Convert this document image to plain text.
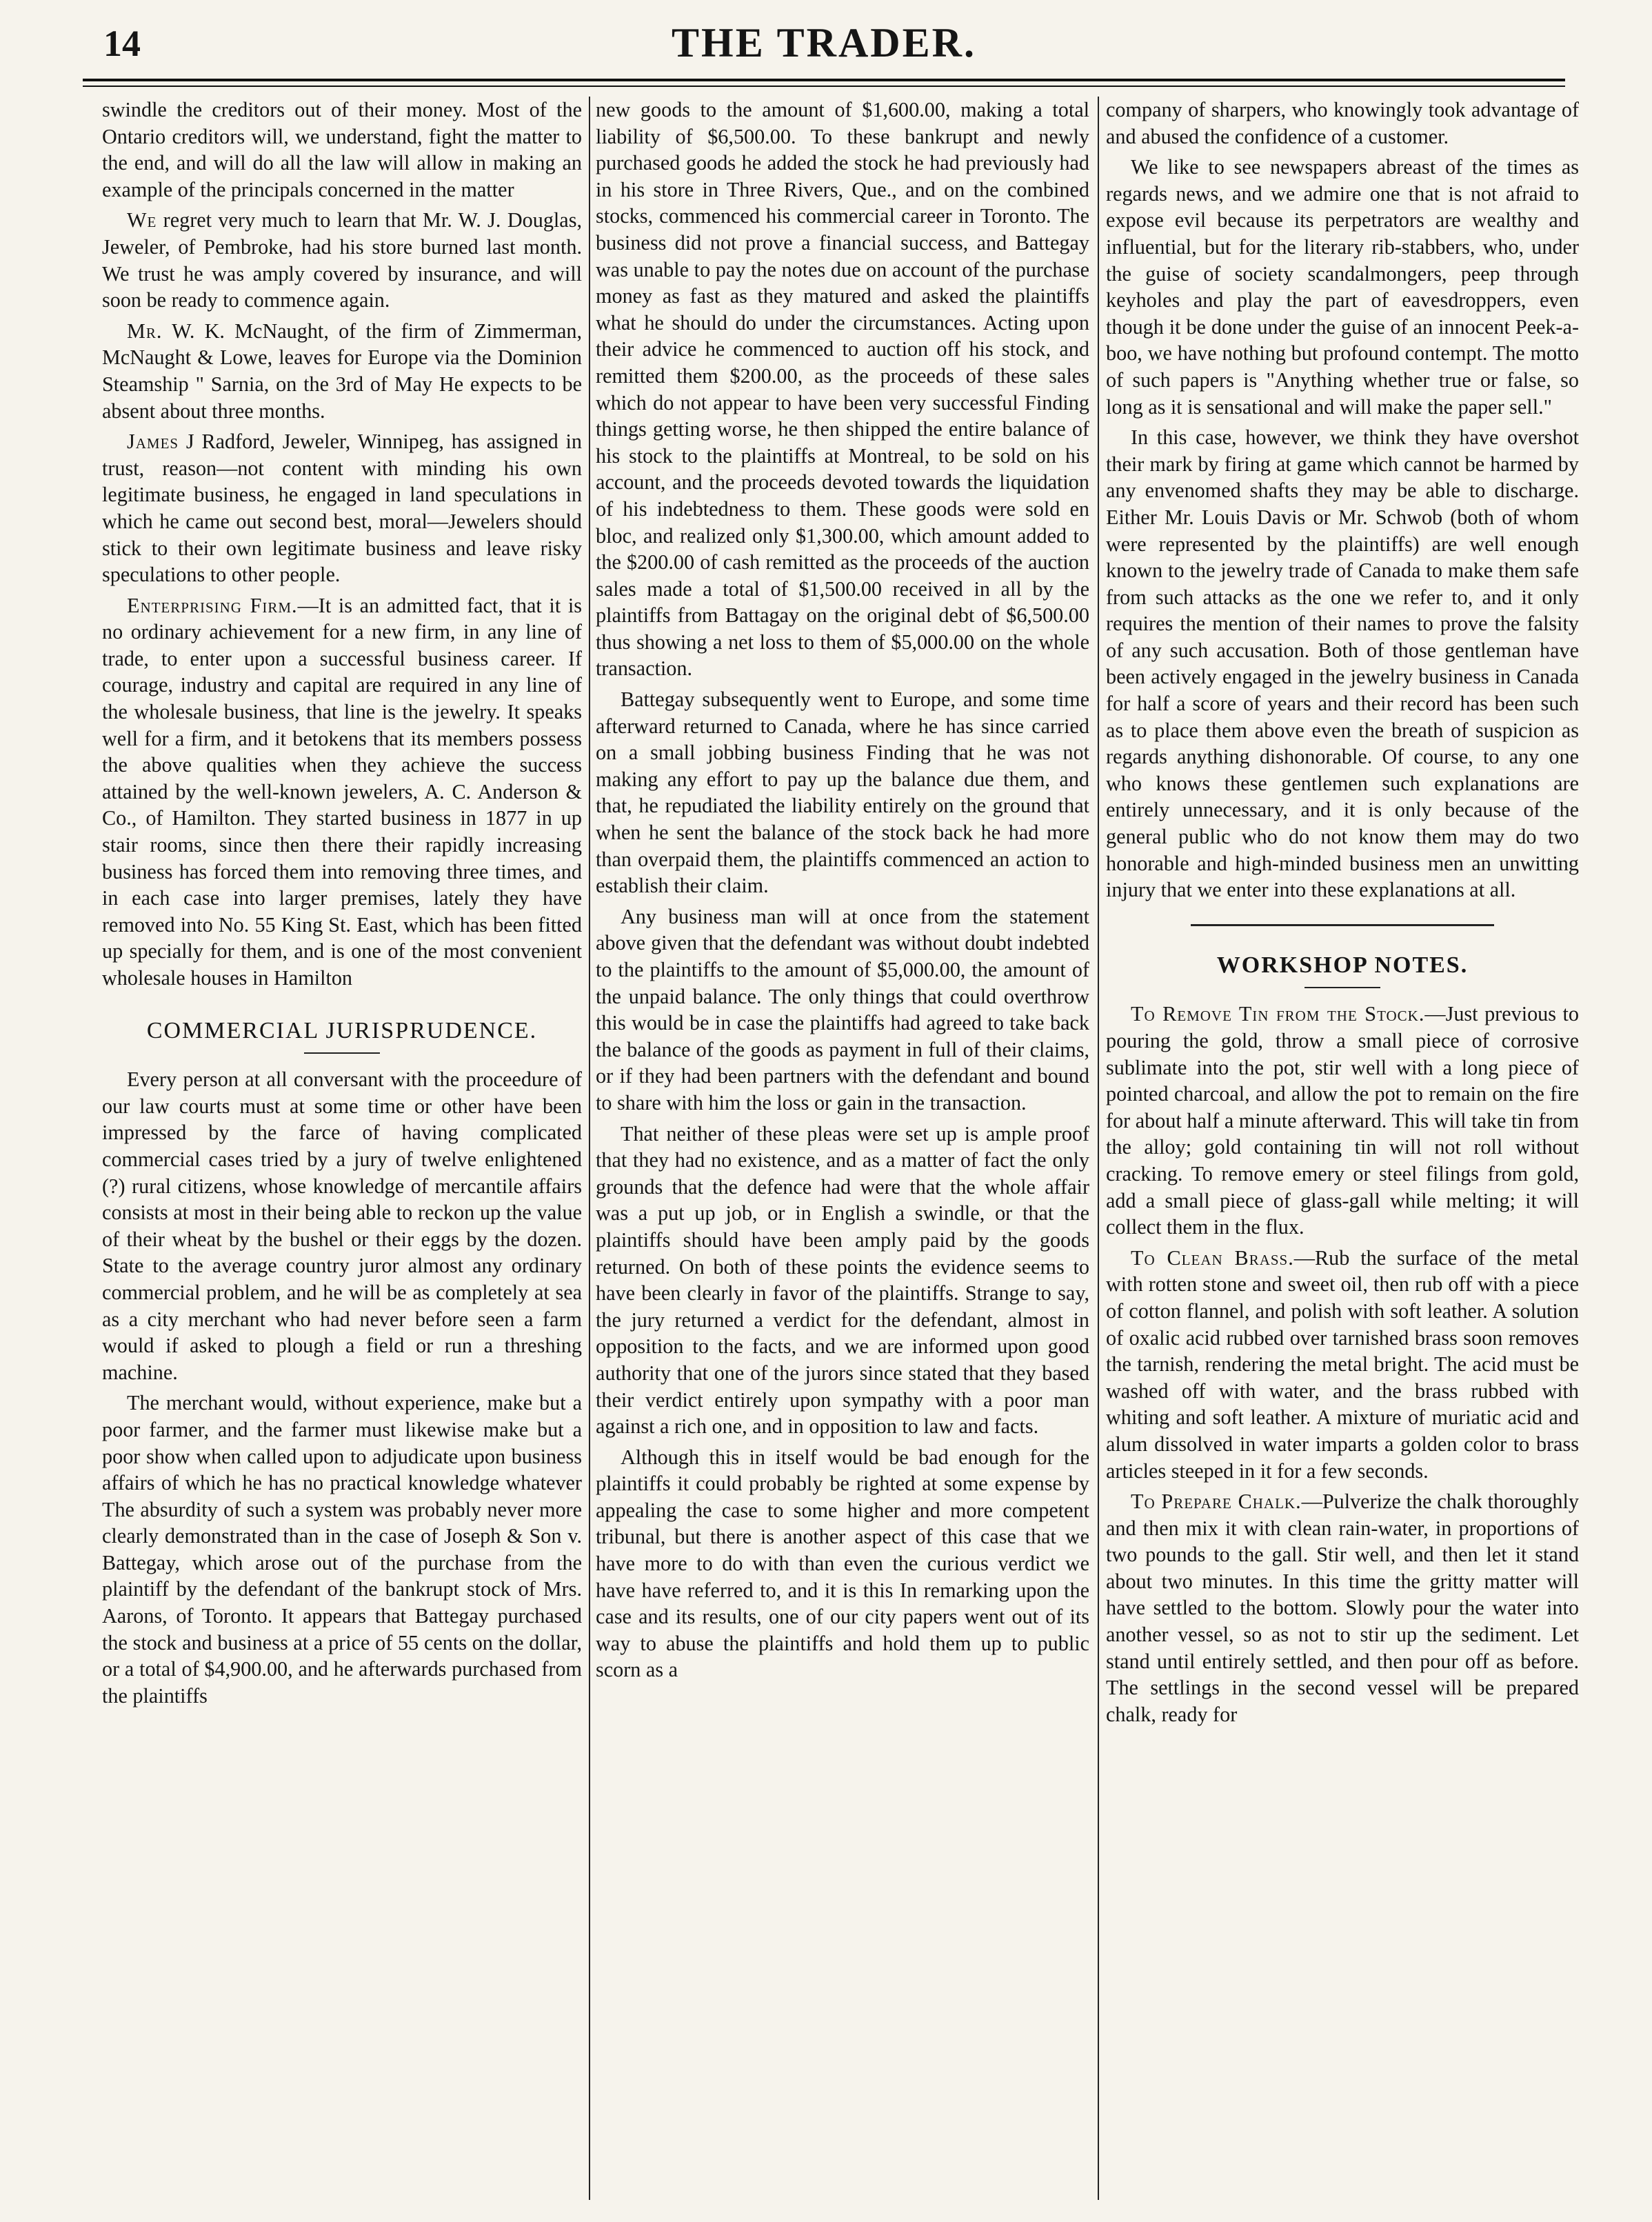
14	THE TRADER.

swindle the creditors out of their money. Most of the Ontario creditors will, we understand, fight the matter to the end, and will do all the law will allow in making an example of the principals concerned in the matter

We regret very much to learn that Mr. W. J. Douglas, Jeweler, of Pembroke, had his store burned last month. We trust he was amply covered by insurance, and will soon be ready to commence again.

Mr. W. K. McNaught, of the firm of Zimmerman, McNaught & Lowe, leaves for Europe via the Dominion Steamship " Sarnia, on the 3rd of May He expects to be absent about three months.

James J Radford, Jeweler, Winnipeg, has assigned in trust, reason—not content with minding his own legitimate business, he engaged in land speculations in which he came out second best, moral—Jewelers should stick to their own legitimate business and leave risky speculations to other people.

Enterprising Firm.—It is an admitted fact, that it is no ordinary achievement for a new firm, in any line of trade, to enter upon a successful business career. If courage, industry and capital are required in any line of the wholesale business, that line is the jewelry. It speaks well for a firm, and it betokens that its members possess the above qualities when they achieve the success attained by the well-known jewelers, A. C. Anderson & Co., of Hamilton. They started business in 1877 in up stair rooms, since then there their rapidly increasing business has forced them into removing three times, and in each case into larger premises, lately they have removed into No. 55 King St. East, which has been fitted up specially for them, and is one of the most convenient wholesale houses in Hamilton

COMMERCIAL JURISPRUDENCE.

Every person at all conversant with the proceedure of our law courts must at some time or other have been impressed by the farce of having complicated commercial cases tried by a jury of twelve enlightened (?) rural citizens, whose knowledge of mercantile affairs consists at most in their being able to reckon up the value of their wheat by the bushel or their eggs by the dozen. State to the average country juror almost any ordinary commercial problem, and he will be as completely at sea as a city merchant who had never before seen a farm would if asked to plough a field or run a threshing machine.

The merchant would, without experience, make but a poor farmer, and the farmer must likewise make but a poor show when called upon to adjudicate upon business affairs of which he has no practical knowledge whatever The absurdity of such a system was probably never more clearly demonstrated than in the case of Joseph & Son v. Battegay, which arose out of the purchase from the plaintiff by the defendant of the bankrupt stock of Mrs. Aarons, of Toronto. It appears that Battegay purchased the stock and business at a price of 55 cents on the dollar, or a total of $4,900.00, and he afterwards purchased from the plaintiffs

new goods to the amount of $1,600.00, making a total liability of $6,500.00. To these bankrupt and newly purchased goods he added the stock he had previously had in his store in Three Rivers, Que., and on the combined stocks, commenced his commercial career in Toronto. The business did not prove a financial success, and Battegay was unable to pay the notes due on account of the purchase money as fast as they matured and asked the plaintiffs what he should do under the circumstances. Acting upon their advice he commenced to auction off his stock, and remitted them $200.00, as the proceeds of these sales which do not appear to have been very successful Finding things getting worse, he then shipped the entire balance of his stock to the plaintiffs at Montreal, to be sold on his account, and the proceeds devoted towards the liquidation of his indebtedness to them. These goods were sold en bloc, and realized only $1,300.00, which amount added to the $200.00 of cash remitted as the proceeds of the auction sales made a total of $1,500.00 received in all by the plaintiffs from Battagay on the original debt of $6,500.00 thus showing a net loss to them of $5,000.00 on the whole transaction.

Battegay subsequently went to Europe, and some time afterward returned to Canada, where he has since carried on a small jobbing business Finding that he was not making any effort to pay up the balance due them, and that, he repudiated the liability entirely on the ground that when he sent the balance of the stock back he had more than overpaid them, the plaintiffs commenced an action to establish their claim.

Any business man will at once from the statement above given that the defendant was without doubt indebted to the plaintiffs to the amount of $5,000.00, the amount of the unpaid balance. The only things that could overthrow this would be in case the plaintiffs had agreed to take back the balance of the goods as payment in full of their claims, or if they had been partners with the defendant and bound to share with him the loss or gain in the transaction.

That neither of these pleas were set up is ample proof that they had no existence, and as a matter of fact the only grounds that the defence had were that the whole affair was a put up job, or in English a swindle, or that the plaintiffs should have been amply paid by the goods returned. On both of these points the evidence seems to have been clearly in favor of the plaintiffs. Strange to say, the jury returned a verdict for the defendant, almost in opposition to the facts, and we are informed upon good authority that one of the jurors since stated that they based their verdict entirely upon sympathy with a poor man against a rich one, and in opposition to law and facts.

Although this in itself would be bad enough for the plaintiffs it could probably be righted at some expense by appealing the case to some higher and more competent tribunal, but there is another aspect of this case that we have more to do with than even the curious verdict we have have referred to, and it is this In remarking upon the case and its results, one of our city papers went out of its way to abuse the plaintiffs and hold them up to public scorn as a

company of sharpers, who knowingly took advantage of and abused the confidence of a customer.

We like to see newspapers abreast of the times as regards news, and we admire one that is not afraid to expose evil because its perpetrators are wealthy and influential, but for the literary rib-stabbers, who, under the guise of society scandalmongers, peep through keyholes and play the part of eavesdroppers, even though it be done under the guise of an innocent Peek-a-boo, we have nothing but profound contempt. The motto of such papers is "Anything whether true or false, so long as it is sensational and will make the paper sell."

In this case, however, we think they have overshot their mark by firing at game which cannot be harmed by any envenomed shafts they may be able to discharge. Either Mr. Louis Davis or Mr. Schwob (both of whom were represented by the plaintiffs) are well enough known to the jewelry trade of Canada to make them safe from such attacks as the one we refer to, and it only requires the mention of their names to prove the falsity of any such accusation. Both of those gentleman have been actively engaged in the jewelry business in Canada for half a score of years and their record has been such as to place them above even the breath of suspicion as regards anything dishonorable. Of course, to any one who knows these gentlemen such explanations are entirely unnecessary, and it is only because of the general public who do not know them may do two honorable and high-minded business men an unwitting injury that we enter into these explanations at all.

WORKSHOP NOTES.

To Remove Tin from the Stock.—Just previous to pouring the gold, throw a small piece of corrosive sublimate into the pot, stir well with a long piece of pointed charcoal, and allow the pot to remain on the fire for about half a minute afterward. This will take tin from the alloy; gold containing tin will not roll without cracking. To remove emery or steel filings from gold, add a small piece of glass-gall while melting; it will collect them in the flux.

To Clean Brass.—Rub the surface of the metal with rotten stone and sweet oil, then rub off with a piece of cotton flannel, and polish with soft leather. A solution of oxalic acid rubbed over tarnished brass soon removes the tarnish, rendering the metal bright. The acid must be washed off with water, and the brass rubbed with whiting and soft leather. A mixture of muriatic acid and alum dissolved in water imparts a golden color to brass articles steeped in it for a few seconds.

To Prepare Chalk.—Pulverize the chalk thoroughly and then mix it with clean rain-water, in proportions of two pounds to the gall. Stir well, and then let it stand about two minutes. In this time the gritty matter will have settled to the bottom. Slowly pour the water into another vessel, so as not to stir up the sediment. Let stand until entirely settled, and then pour off as before. The settlings in the second vessel will be prepared chalk, ready for
